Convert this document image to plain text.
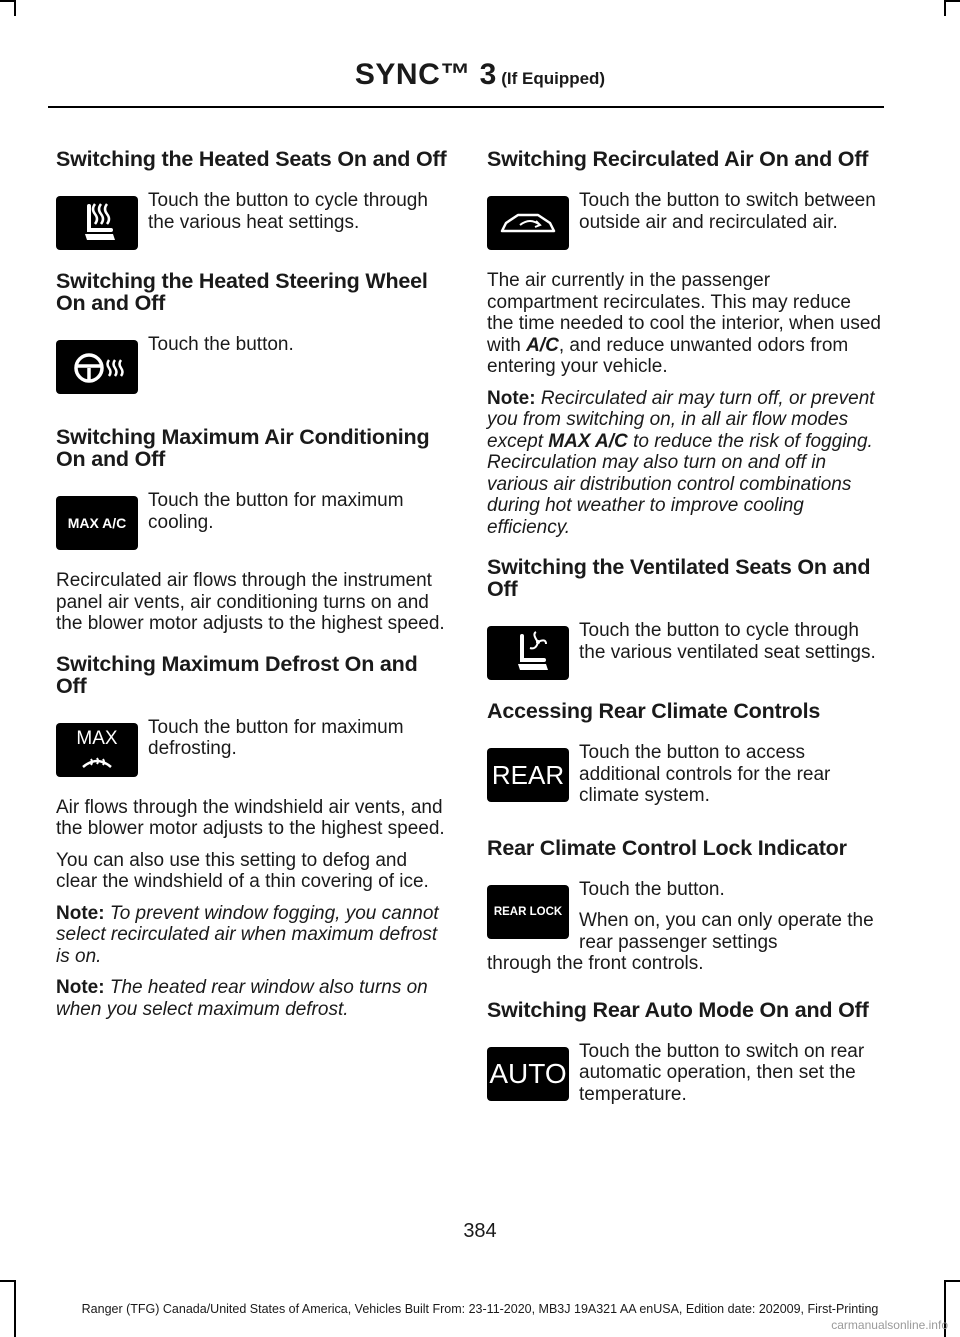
SYNC™ 3 (If Equipped)
Switching the Heated Seats On and Off

Touch the button to cycle through the various heat settings.

Switching the Heated Steering Wheel On and Off

Touch the button.

Switching Maximum Air Conditioning On and Off
MAX A/C

Touch the button for maximum cooling.

Recirculated air flows through the instrument panel air vents, air conditioning turns on and the blower motor adjusts to the highest speed.

Switching Maximum Defrost On and Off
MAX

Touch the button for maximum defrosting.

Air flows through the windshield air vents, and the blower motor adjusts to the highest speed.

You can also use this setting to defog and clear the windshield of a thin covering of ice.

Note: To prevent window fogging, you cannot select recirculated air when maximum defrost is on.

Note: The heated rear window also turns on when you select maximum defrost.

Switching Recirculated Air On and Off

Touch the button to switch between outside air and recirculated air.

The air currently in the passenger compartment recirculates. This may reduce the time needed to cool the interior, when used with A/C, and reduce unwanted odors from entering your vehicle.

Note: Recirculated air may turn off, or prevent you from switching on, in all air flow modes except MAX A/C to reduce the risk of fogging. Recirculation may also turn on and off in various air distribution control combinations during hot weather to improve cooling efficiency.

Switching the Ventilated Seats On and Off

Touch the button to cycle through the various ventilated seat settings.

Accessing Rear Climate Controls
REAR

Touch the button to access additional controls for the rear climate system.

Rear Climate Control Lock Indicator
REAR LOCK

Touch the button.

When on, you can only operate the rear passenger settings

through the front controls.

Switching Rear Auto Mode On and Off
AUTO

Touch the button to switch on rear automatic operation, then set the temperature.

384
Ranger (TFG) Canada/United States of America, Vehicles Built From: 23-11-2020, MB3J 19A321 AA enUSA, Edition date: 202009, First-Printing
carmanualsonline.info
